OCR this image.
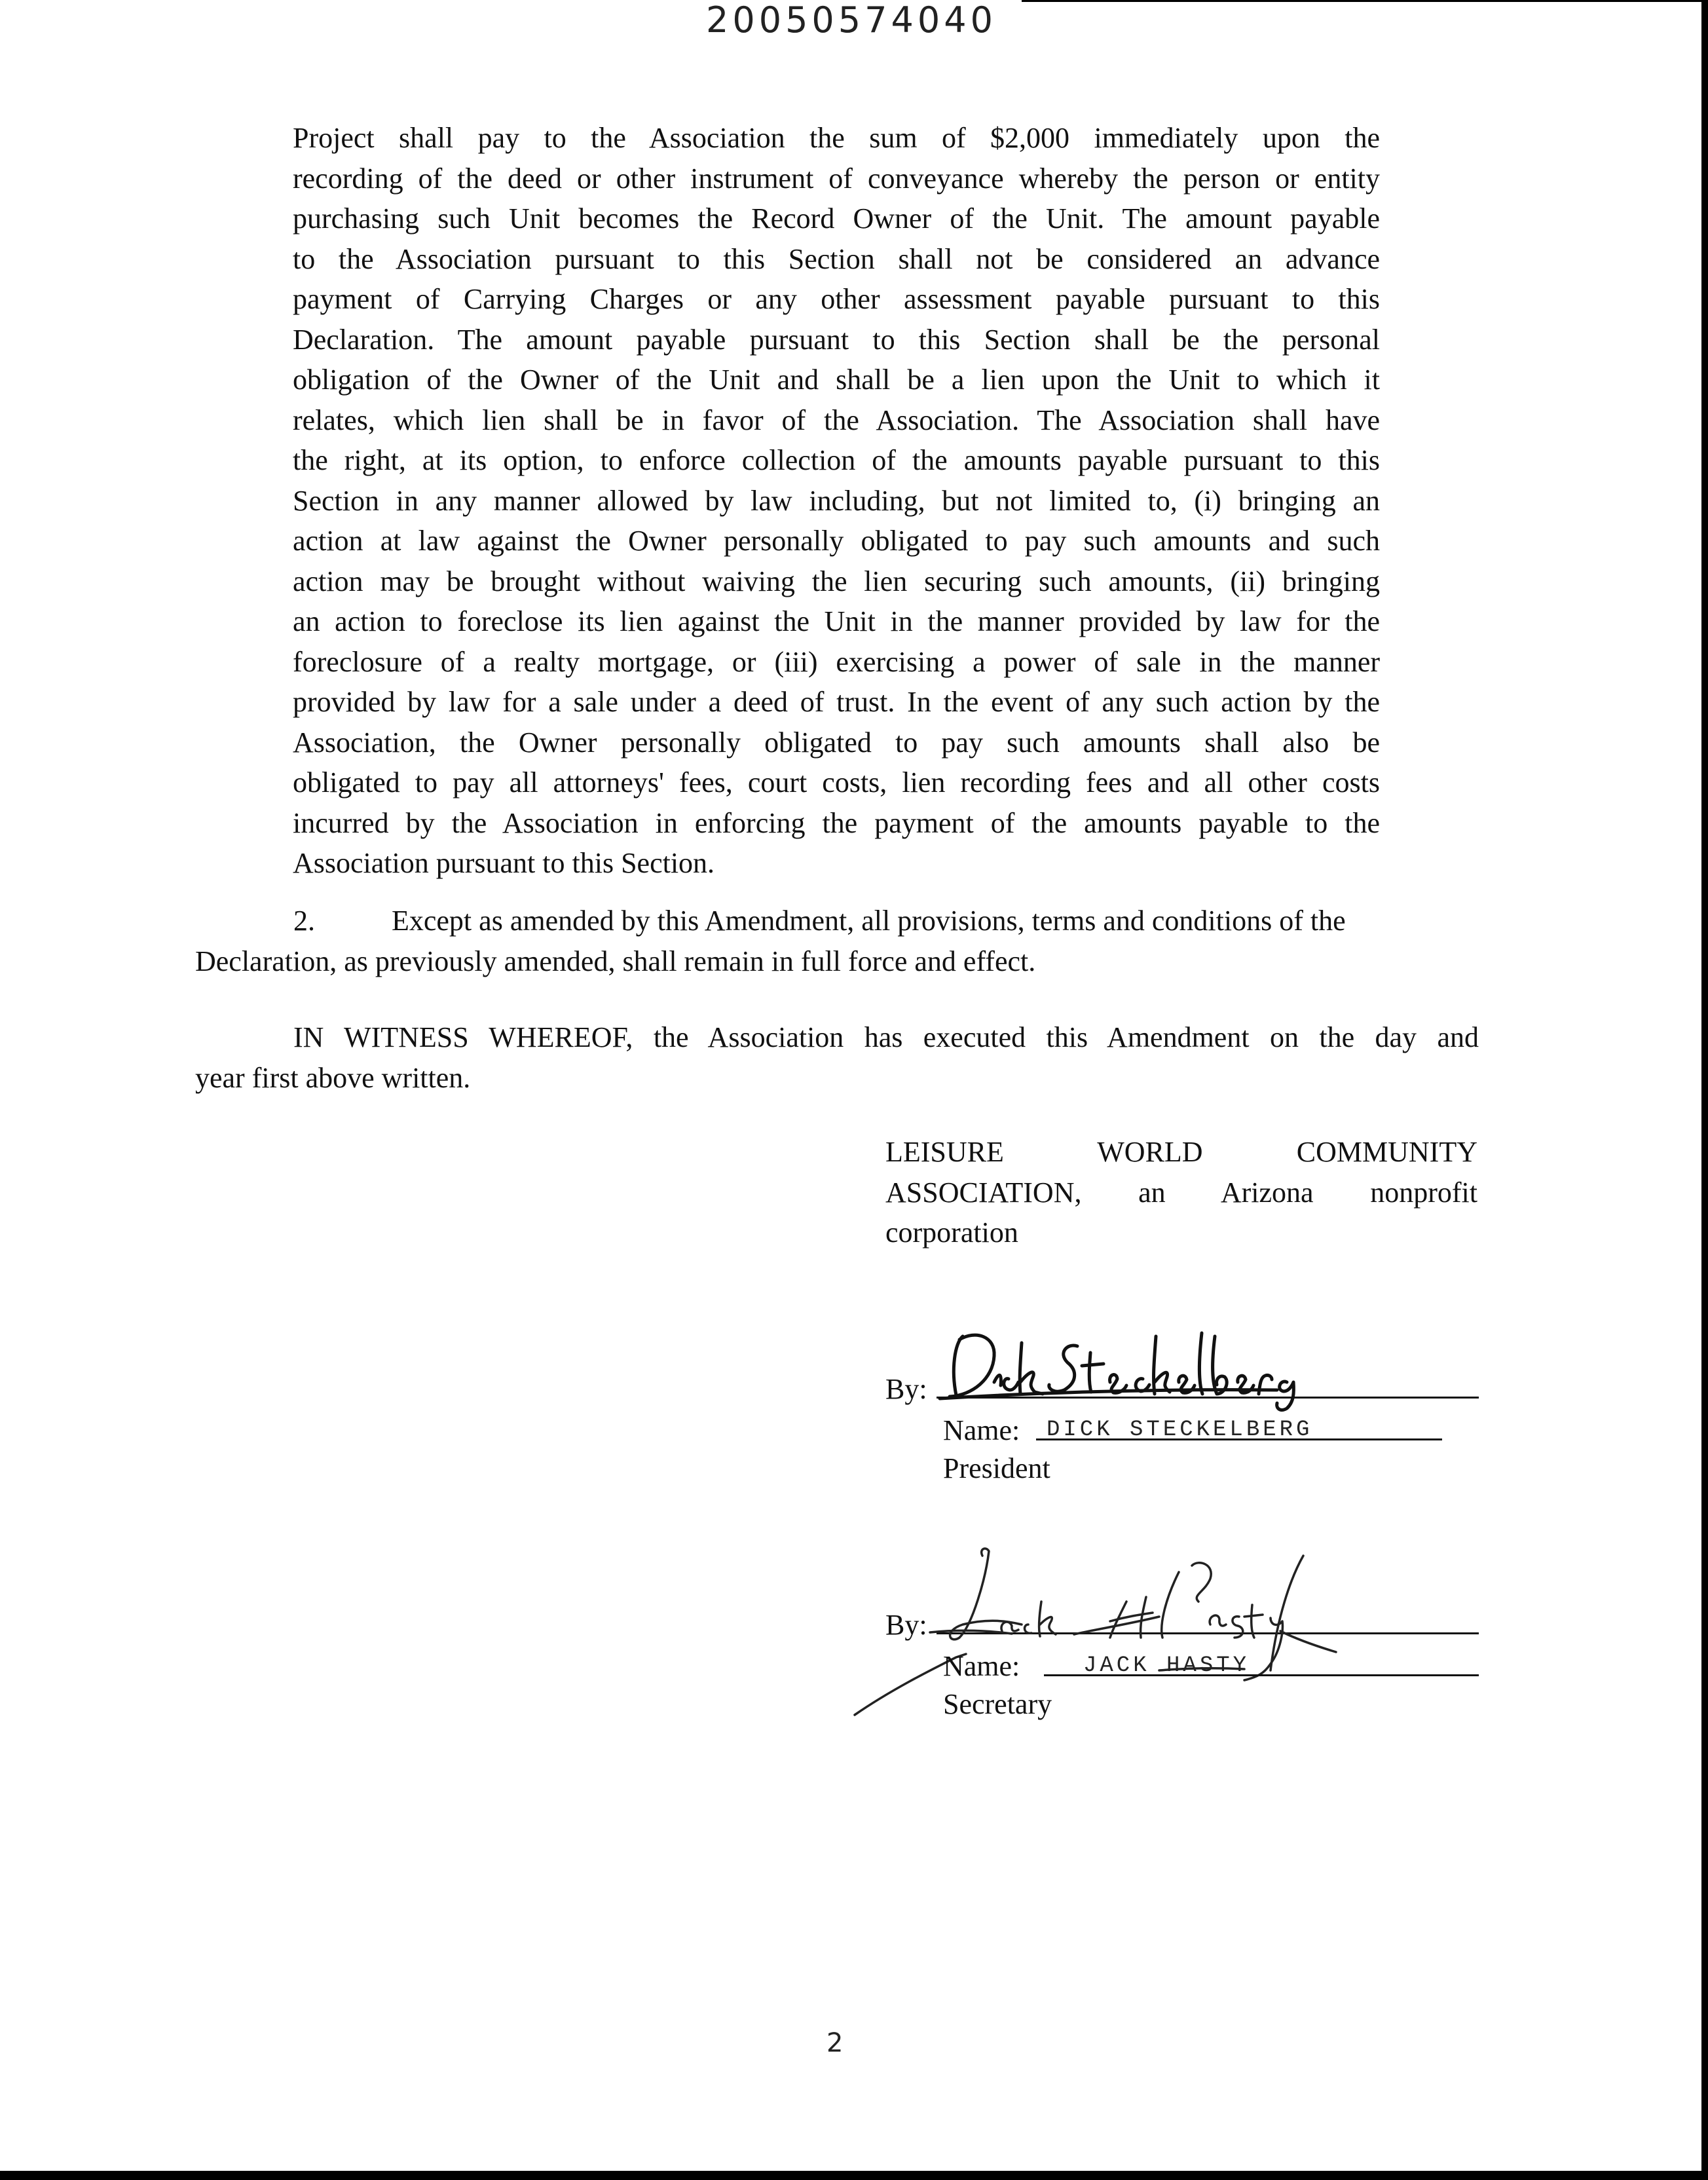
20050574040
Project shall pay to the Association the sum of $2,000 immediately upon the
recording of the deed or other instrument of conveyance whereby the person or entity
purchasing such Unit becomes the Record Owner of the Unit. The amount payable
to the Association pursuant to this Section shall not be considered an advance
payment of Carrying Charges or any other assessment payable pursuant to this
Declaration. The amount payable pursuant to this Section shall be the personal
obligation of the Owner of the Unit and shall be a lien upon the Unit to which it
relates, which lien shall be in favor of the Association. The Association shall have
the right, at its option, to enforce collection of the amounts payable pursuant to this
Section in any manner allowed by law including, but not limited to, (i) bringing an
action at law against the Owner personally obligated to pay such amounts and such
action may be brought without waiving the lien securing such amounts, (ii) bringing
an action to foreclose its lien against the Unit in the manner provided by law for the
foreclosure of a realty mortgage, or (iii) exercising a power of sale in the manner
provided by law for a sale under a deed of trust. In the event of any such action by the
Association, the Owner personally obligated to pay such amounts shall also be
obligated to pay all attorneys' fees, court costs, lien recording fees and all other costs
incurred by the Association in enforcing the payment of the amounts payable to the
Association pursuant to this Section.
2.	Except as amended by this Amendment, all provisions, terms and conditions of the
Declaration, as previously amended, shall remain in full force and effect.
IN WITNESS WHEREOF, the Association has executed this Amendment on the day and
year first above written.
LEISURE WORLD COMMUNITY
ASSOCIATION, an Arizona nonprofit
corporation
By:
Name: DICK STECKELBERG
President
By:
Name:	JACK HASTY
Secretary
2
